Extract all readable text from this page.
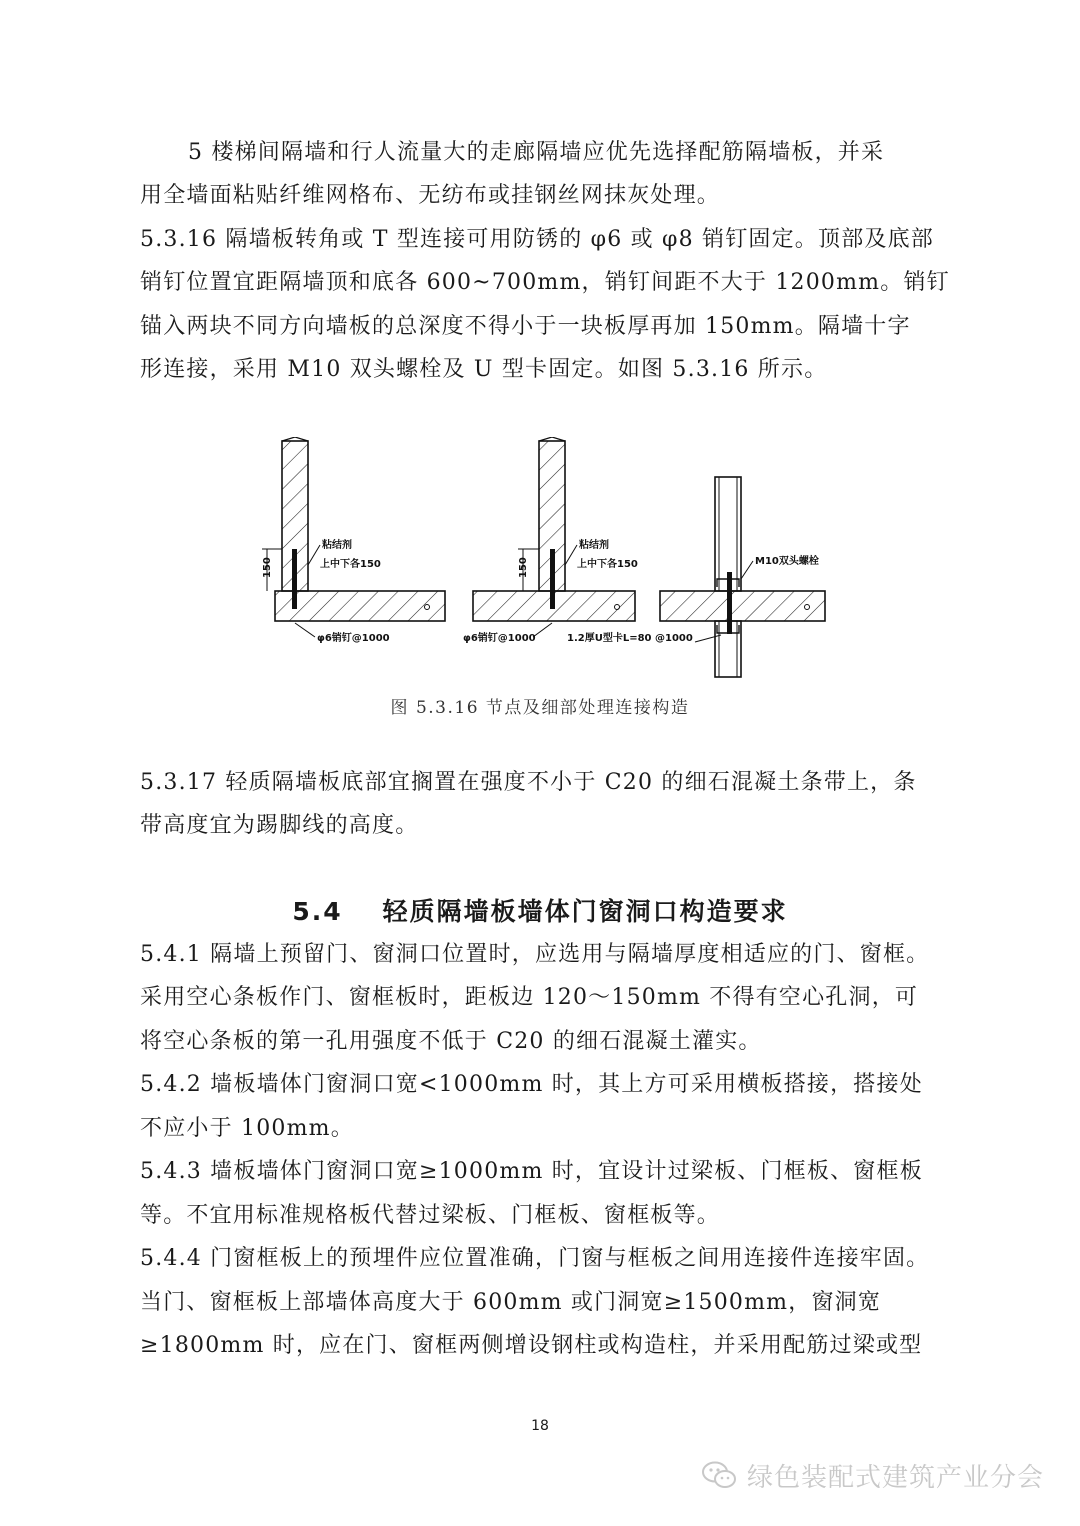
5 楼梯间隔墙和行人流量大的走廊隔墙应优先选择配筋隔墙板，并采
用全墙面粘贴纤维网格布、无纺布或挂钢丝网抹灰处理。
5.3.16 隔墙板转角或 T 型连接可用防锈的 φ6 或 φ8 销钉固定。顶部及底部
销钉位置宜距隔墙顶和底各 600~700mm，销钉间距不大于 1200mm。销钉
锚入两块不同方向墙板的总深度不得小于一块板厚再加 150mm。隔墙十字
形连接，采用 M10 双头螺栓及 U 型卡固定。如图 5.3.16 所示。
150
粘结剂
上中下各150
φ6销钉@1000
150
粘结剂
上中下各150
φ6销钉@1000
M10双头螺栓
1.2厚U型卡L=80 @1000
图 5.3.16 节点及细部处理连接构造
5.3.17 轻质隔墙板底部宜搁置在强度不小于 C20 的细石混凝土条带上，条
带高度宜为踢脚线的高度。
5.4 轻质隔墙板墙体门窗洞口构造要求
5.4.1 隔墙上预留门、窗洞口位置时，应选用与隔墙厚度相适应的门、窗框。
采用空心条板作门、窗框板时，距板边 120～150mm 不得有空心孔洞，可
将空心条板的第一孔用强度不低于 C20 的细石混凝土灌实。
5.4.2 墙板墙体门窗洞口宽<1000mm 时，其上方可采用横板搭接，搭接处
不应小于 100mm。
5.4.3 墙板墙体门窗洞口宽≥1000mm 时，宜设计过梁板、门框板、窗框板
等。不宜用标准规格板代替过梁板、门框板、窗框板等。
5.4.4 门窗框板上的预埋件应位置准确，门窗与框板之间用连接件连接牢固。
当门、窗框板上部墙体高度大于 600mm 或门洞宽≥1500mm，窗洞宽
≥1800mm 时，应在门、窗框两侧增设钢柱或构造柱，并采用配筋过梁或型
18
绿色装配式建筑产业分会
